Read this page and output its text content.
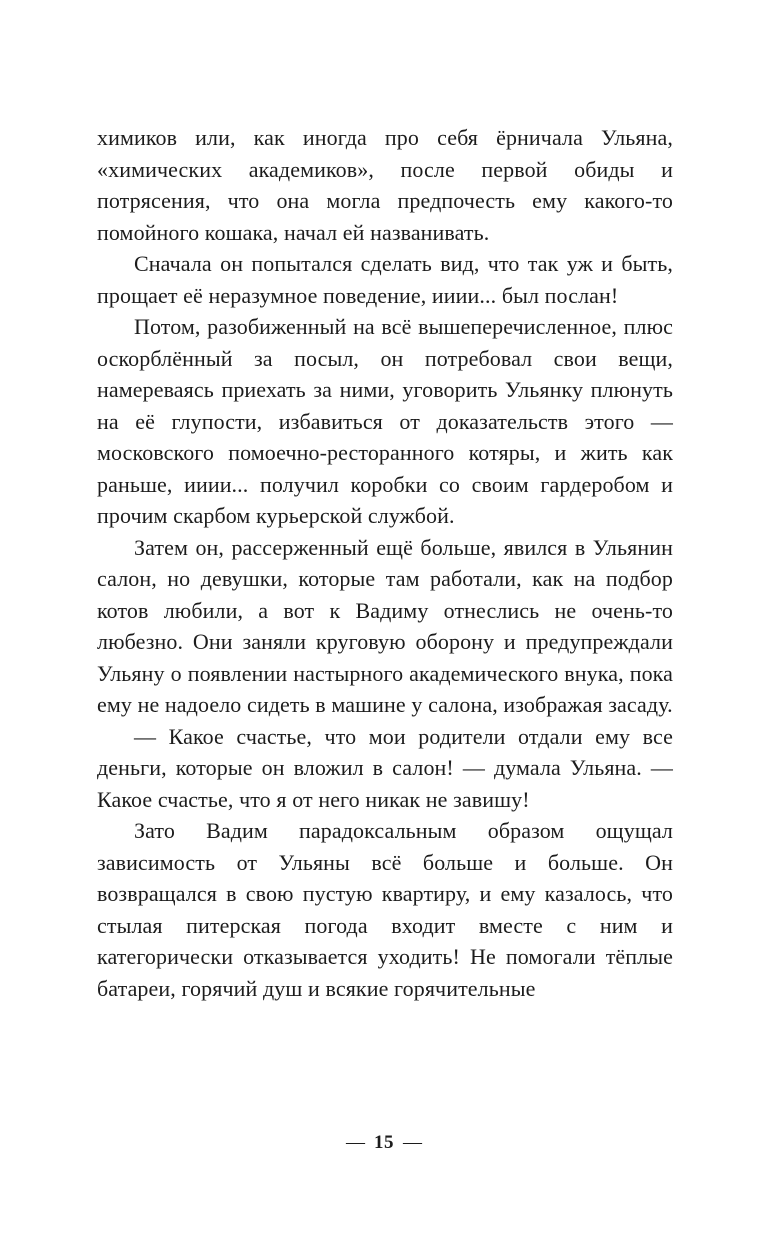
химиков или, как иногда про себя ёрничала Ульяна, «химических академиков», после первой обиды и потрясения, что она могла предпочесть ему какого-то помойного кошака, начал ей названивать.

Сначала он попытался сделать вид, что так уж и быть, прощает её неразумное поведение, ииии... был послан!

Потом, разобиженный на всё вышеперечисленное, плюс оскорблённый за посыл, он потребовал свои вещи, намереваясь приехать за ними, уговорить Ульянку плюнуть на её глупости, избавиться от доказательств этого — московского помоечно-ресторанного котяры, и жить как раньше, ииии... получил коробки со своим гардеробом и прочим скарбом курьерской службой.

Затем он, рассерженный ещё больше, явился в Ульянин салон, но девушки, которые там работали, как на подбор котов любили, а вот к Вадиму отнеслись не очень-то любезно. Они заняли круговую оборону и предупреждали Ульяну о появлении настырного академического внука, пока ему не надоело сидеть в машине у салона, изображая засаду.

— Какое счастье, что мои родители отдали ему все деньги, которые он вложил в салон! — думала Ульяна. — Какое счастье, что я от него никак не завишу!

Зато Вадим парадоксальным образом ощущал зависимость от Ульяны всё больше и больше. Он возвращался в свою пустую квартиру, и ему казалось, что стылая питерская погода входит вместе с ним и категорически отказывается уходить! Не помогали тёплые батареи, горячий душ и всякие горячительные

— 15 —
